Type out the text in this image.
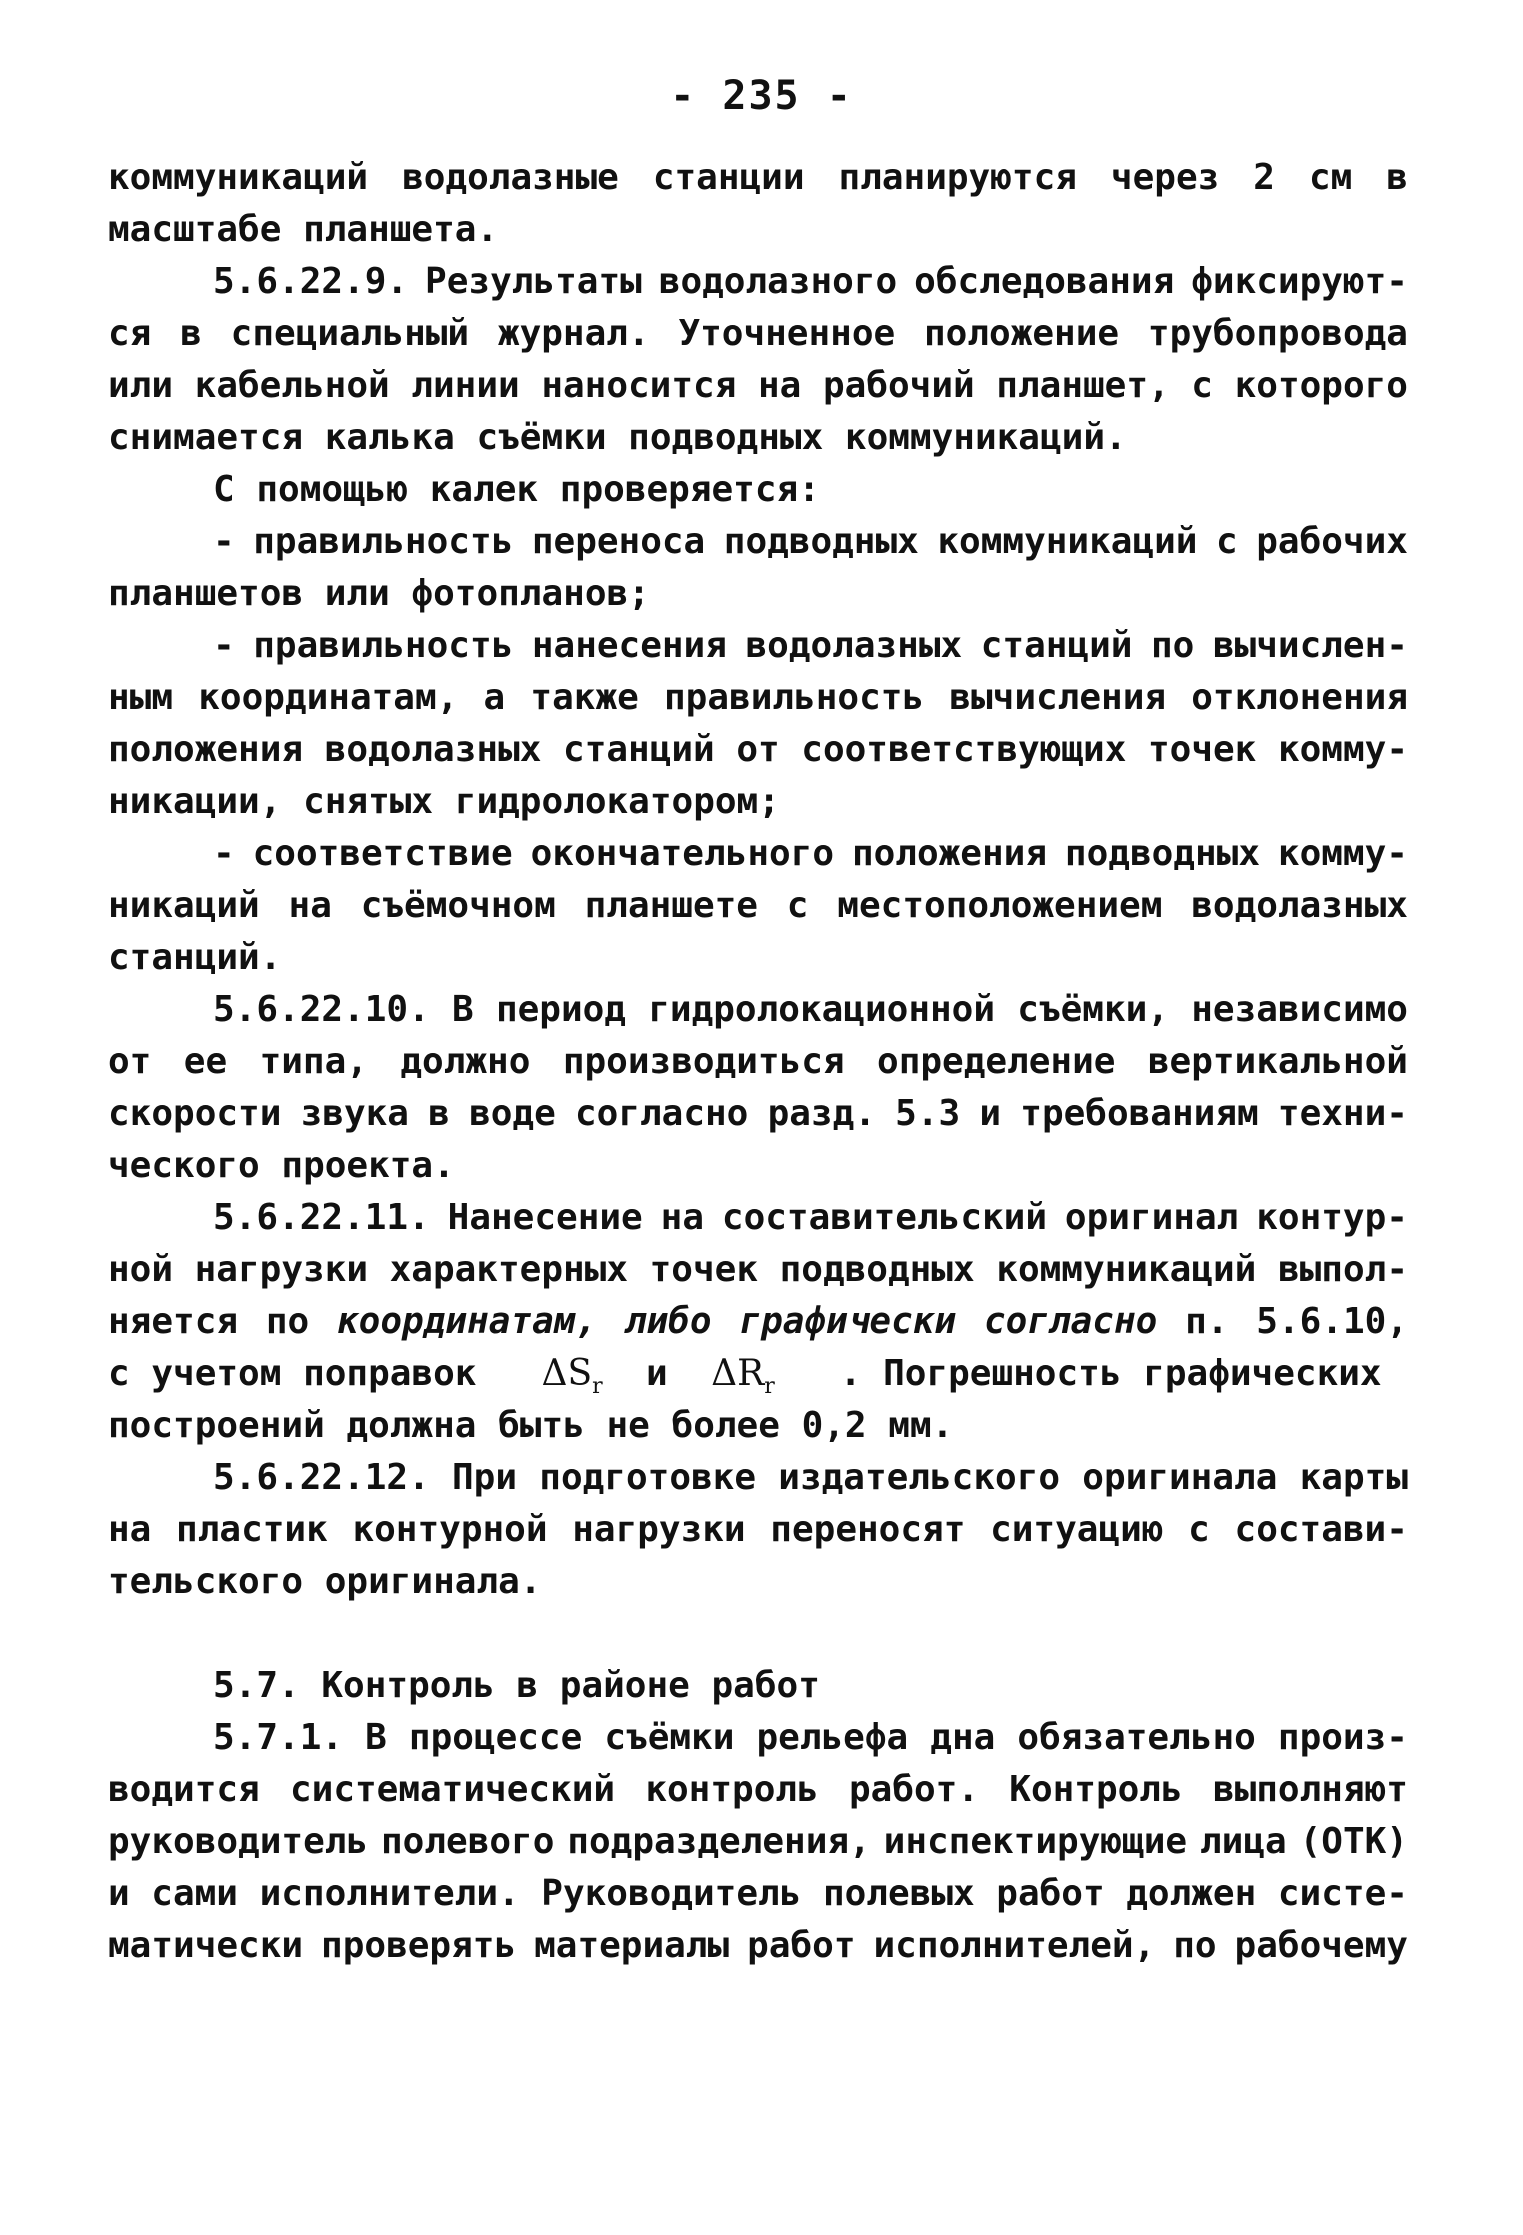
- 235 -
коммуникаций водолазные станции планируются через 2 см в
масштабе планшета.
5.6.22.9. Результаты водолазного обследования фиксируют-
ся в специальный журнал. Уточненное положение трубопровода
или кабельной линии наносится на рабочий планшет, с которого
снимается калька съёмки подводных коммуникаций.
С помощью калек проверяется:
- правильность переноса подводных коммуникаций с рабочих
планшетов или фотопланов;
- правильность нанесения водолазных станций по вычислен-
ным координатам, а также правильность вычисления отклонения
положения водолазных станций от соответствующих точек комму-
никации, снятых гидролокатором;
- соответствие окончательного положения подводных комму-
никаций на съёмочном планшете с местоположением водолазных
станций.
5.6.22.10. В период гидролокационной съёмки, независимо
от ее типа, должно производиться определение вертикальной
скорости звука в воде согласно разд. 5.3 и требованиям техни-
ческого проекта.
5.6.22.11. Нанесение на составительский оригинал контур-
ной нагрузки характерных точек подводных коммуникаций выпол-
няется по координатам, либо графически согласно п. 5.6.10,
с учетом поправок $\Delta S_r$  и  $\Delta R_r$   . Погрешность графических
построений должна быть не более 0,2 мм.
5.6.22.12. При подготовке издательского оригинала карты
на пластик контурной нагрузки переносят ситуацию с состави-
тельского оригинала.
5.7. Контроль в районе работ
5.7.1. В процессе съёмки рельефа дна обязательно произ-
водится систематический контроль работ. Контроль выполняют
руководитель полевого подразделения, инспектирующие лица (ОТК)
и сами исполнители. Руководитель полевых работ должен систе-
матически проверять материалы работ исполнителей, по рабочему
